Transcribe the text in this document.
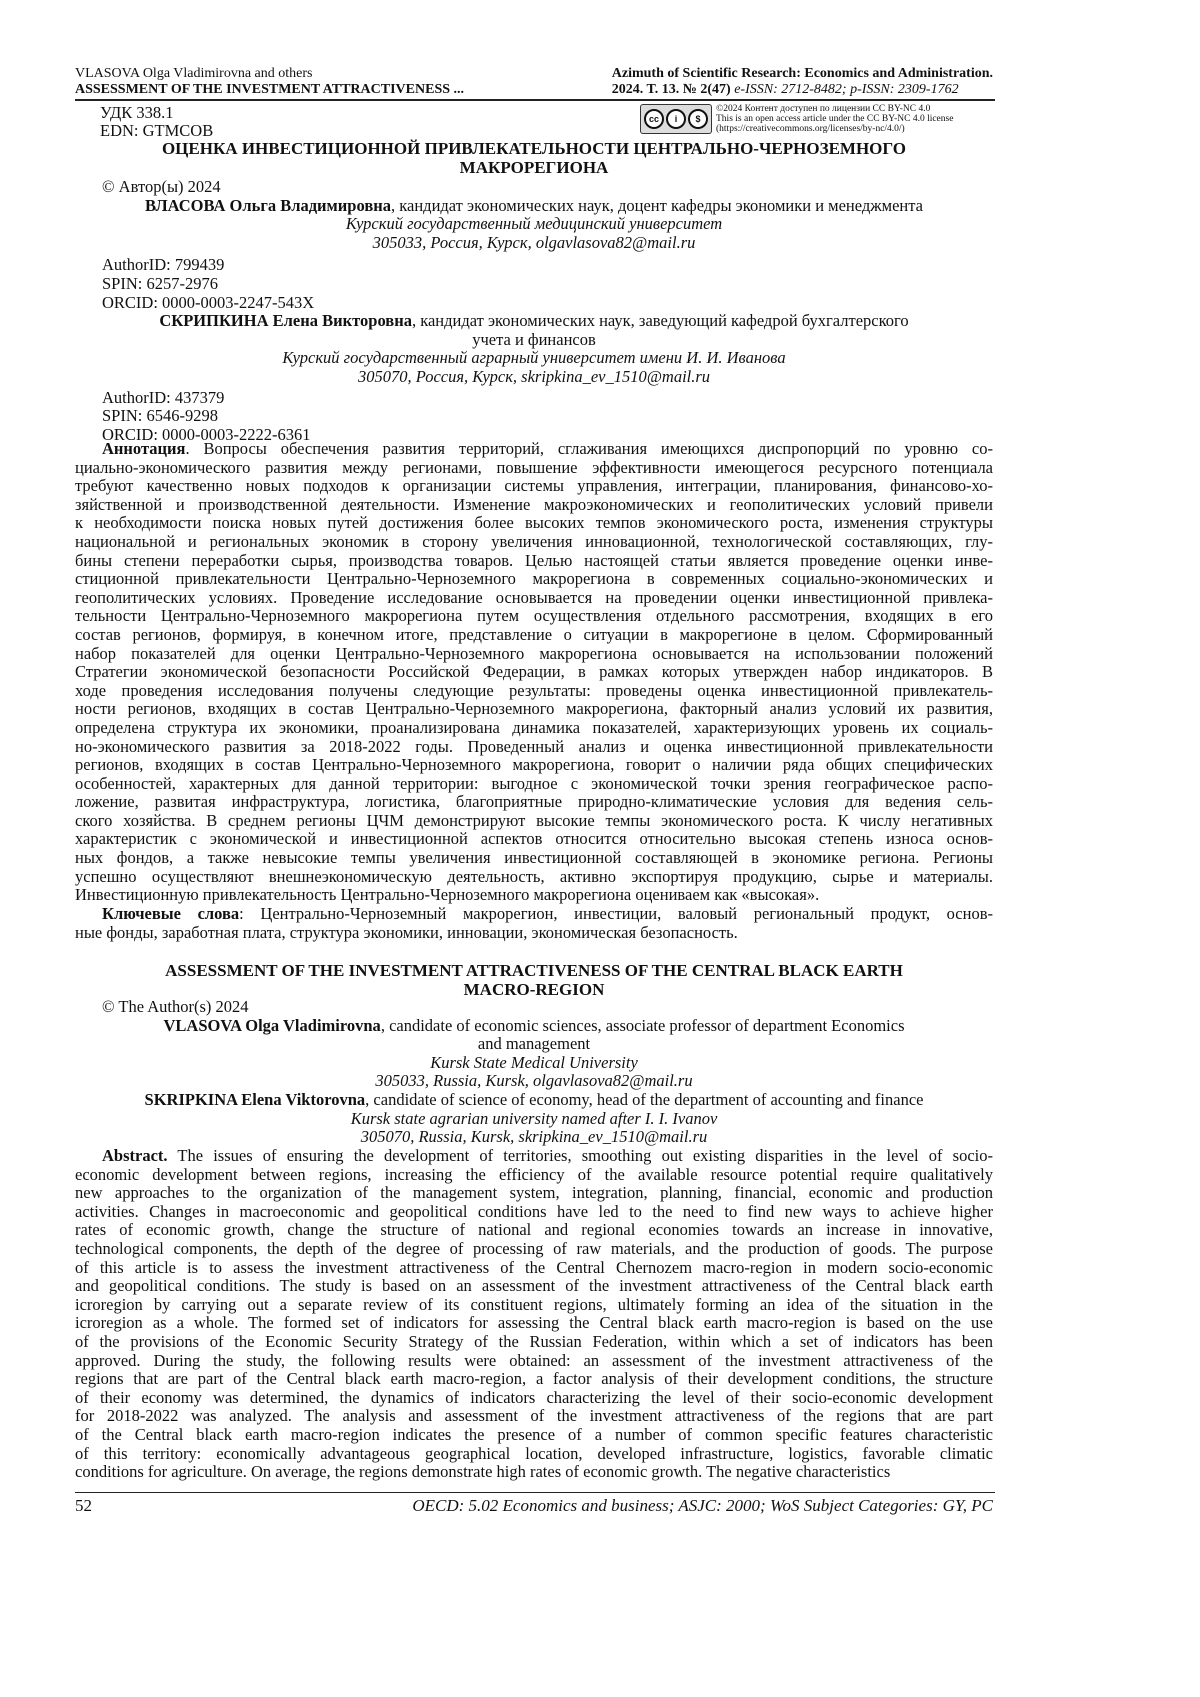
VLASOVA Olga Vladimirovna and others
ASSESSMENT OF THE INVESTMENT ATTRACTIVENESS ...
Azimuth of Scientific Research: Economics and Administration.
2024. T. 13. № 2(47) e-ISSN: 2712-8482; p-ISSN: 2309-1762
УДК 338.1
EDN: GTMCOB
cc	i	$
©2024 Контент доступен по лицензии CC BY-NC 4.0
This is an open access article under the CC BY-NC 4.0 license
(https://creativecommons.org/licenses/by-nc/4.0/)
ОЦЕНКА ИНВЕСТИЦИОННОЙ ПРИВЛЕКАТЕЛЬНОСТИ ЦЕНТРАЛЬНО-ЧЕРНОЗЕМНОГО
МАКРОРЕГИОНА
© Автор(ы) 2024
ВЛАСОВА Ольга Владимировна, кандидат экономических наук, доцент кафедры экономики и менеджмента
Курский государственный медицинский университет
305033, Россия, Курск, olgavlasova82@mail.ru
AuthorID: 799439
SPIN: 6257-2976
ORCID: 0000-0003-2247-543X
СКРИПКИНА Елена Викторовна, кандидат экономических наук, заведующий кафедрой бухгалтерского
учета и финансов
Курский государственный аграрный университет имени И. И. Иванова
305070, Россия, Курск, skripkina_ev_1510@mail.ru
AuthorID: 437379
SPIN: 6546-9298
ORCID: 0000-0003-2222-6361
Аннотация. Вопросы обеспечения развития территорий, сглаживания имеющихся диспропорций по уровню со-
циально-экономического развития между регионами, повышение эффективности имеющегося ресурсного потенциала
требуют качественно новых подходов к организации системы управления, интеграции, планирования, финансово-хо-
зяйственной и производственной деятельности. Изменение макроэкономических и геополитических условий привели
к необходимости поиска новых путей достижения более высоких темпов экономического роста, изменения структуры
национальной и региональных экономик в сторону увеличения инновационной, технологической составляющих, глу-
бины степени переработки сырья, производства товаров. Целью настоящей статьи является проведение оценки инве-
стиционной привлекательности Центрально-Черноземного макрорегиона в современных социально-экономических и
геополитических условиях. Проведение исследование основывается на проведении оценки инвестиционной привлека-
тельности Центрально-Черноземного макрорегиона путем осуществления отдельного рассмотрения, входящих в его
состав регионов, формируя, в конечном итоге, представление о ситуации в макрорегионе в целом. Сформированный
набор показателей для оценки Центрально-Черноземного макрорегиона основывается на использовании положений
Стратегии экономической безопасности Российской Федерации, в рамках которых утвержден набор индикаторов. В
ходе проведения исследования получены следующие результаты: проведены оценка инвестиционной привлекатель-
ности регионов, входящих в состав Центрально-Черноземного макрорегиона, факторный анализ условий их развития,
определена структура их экономики, проанализирована динамика показателей, характеризующих уровень их социаль-
но-экономического развития за 2018-2022 годы. Проведенный анализ и оценка инвестиционной привлекательности
регионов, входящих в состав Центрально-Черноземного макрорегиона, говорит о наличии ряда общих специфических
особенностей, характерных для данной территории: выгодное с экономической точки зрения географическое распо-
ложение, развитая инфраструктура, логистика, благоприятные природно-климатические условия для ведения сель-
ского хозяйства. В среднем регионы ЦЧМ демонстрируют высокие темпы экономического роста. К числу негативных
характеристик с экономической и инвестиционной аспектов относится относительно высокая степень износа основ-
ных фондов, а также невысокие темпы увеличения инвестиционной составляющей в экономике региона. Регионы
успешно осуществляют внешнеэкономическую деятельность, активно экспортируя продукцию, сырье и материалы.
Инвестиционную привлекательность Центрально-Черноземного макрорегиона оцениваем как «высокая».
Ключевые слова: Центрально-Черноземный макрорегион, инвестиции, валовый региональный продукт, основ-
ные фонды, заработная плата, структура экономики, инновации, экономическая безопасность.
ASSESSMENT OF THE INVESTMENT ATTRACTIVENESS OF THE CENTRAL BLACK EARTH
MACRO-REGION
© The Author(s) 2024
VLASOVA Olga Vladimirovna, candidate of economic sciences, associate professor of department Economics
and management
Kursk State Medical University
305033, Russia, Kursk, olgavlasova82@mail.ru
SKRIPKINA Elena Viktorovna, candidate of science of economy, head of the department of accounting and finance
Kursk state agrarian university named after I. I. Ivanov
305070, Russia, Kursk, skripkina_ev_1510@mail.ru
Abstract. The issues of ensuring the development of territories, smoothing out existing disparities in the level of socio-
economic development between regions, increasing the efficiency of the available resource potential require qualitatively
new approaches to the organization of the management system, integration, planning, financial, economic and production
activities. Changes in macroeconomic and geopolitical conditions have led to the need to find new ways to achieve higher
rates of economic growth, change the structure of national and regional economies towards an increase in innovative,
technological components, the depth of the degree of processing of raw materials, and the production of goods. The purpose
of this article is to assess the investment attractiveness of the Central Chernozem macro-region in modern socio-economic
and geopolitical conditions. The study is based on an assessment of the investment attractiveness of the Central black earth
icroregion by carrying out a separate review of its constituent regions, ultimately forming an idea of the situation in the
icroregion as a whole. The formed set of indicators for assessing the Central black earth macro-region is based on the use
of the provisions of the Economic Security Strategy of the Russian Federation, within which a set of indicators has been
approved. During the study, the following results were obtained: an assessment of the investment attractiveness of the
regions that are part of the Central black earth macro-region, a factor analysis of their development conditions, the structure
of their economy was determined, the dynamics of indicators characterizing the level of their socio-economic development
for 2018-2022 was analyzed. The analysis and assessment of the investment attractiveness of the regions that are part
of the Central black earth macro-region indicates the presence of a number of common specific features characteristic
of this territory: economically advantageous geographical location, developed infrastructure, logistics, favorable climatic
conditions for agriculture. On average, the regions demonstrate high rates of economic growth. The negative characteristics
52	OECD: 5.02 Economics and business; ASJC: 2000; WoS Subject Categories: GY, PC
